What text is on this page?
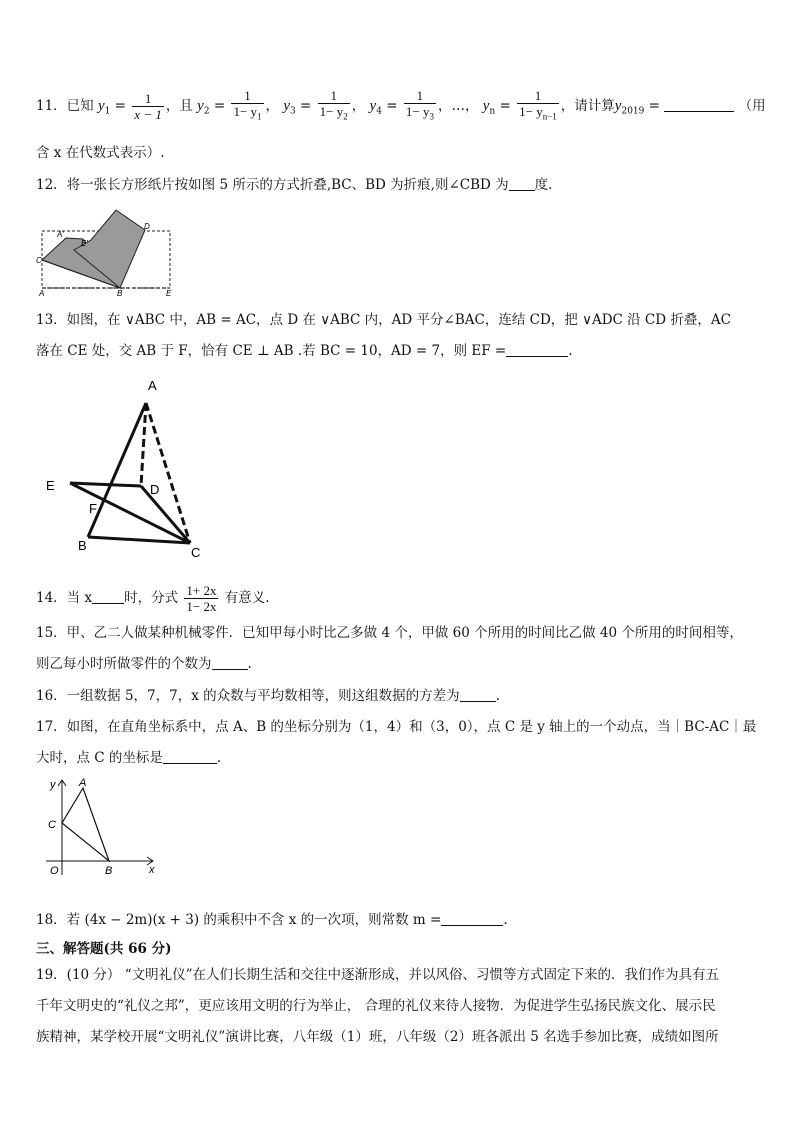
11．已知 $y_1 = \frac{1}{x - 1}$ ，且 $y_2 = \frac{1}{1- y_1}$ ， $y_3 = \frac{1}{1- y_2}$ ， $y_4 = \frac{1}{1- y_3}$ ，…， $y_n = \frac{1}{1- y_{n-1}}$ ，请计算$y_{2019}$ =	（用
含 x 在代数式表示）.
12．将一张长方形纸片按如图 5 所示的方式折叠,BC、BD 为折痕,则∠CBD 为 度.
A'
D
E'
C
A	B	E
13．如图，在 ∨ABC 中，AB = AC，点 D 在 ∨ABC 内，AD 平分∠BAC，连结 CD，把 ∨ADC 沿 CD 折叠，AC
落在 CE 处，交 AB 于 F，恰有 CE ⊥ AB .若 BC = 10，AD = 7，则 EF =	.
A
E	D
F
B	C
14．当 x 时，分式 $\frac{1+ 2x}{1- 2x}$ 有意义.
15．甲、乙二人做某种机械零件．已知甲每小时比乙多做 4 个，甲做 60 个所用的时间比乙做 40 个所用的时间相等，
则乙每小时所做零件的个数为	.
16．一组数据 5，7，7，x 的众数与平均数相等，则这组数据的方差为	.
17．如图，在直角坐标系中，点 A、B 的坐标分别为（1，4）和（3，0），点 C 是 y 轴上的一个动点，当｜BC-AC｜最
大时，点 C 的坐标是	.
y A
C
O	B	x
18．若 (4x − 2m)(x + 3) 的乘积中不含 x 的一次项，则常数 m =	.
三、解答题(共 66 分)
19．(10 分） “文明礼仪”在人们长期生活和交往中逐渐形成，并以风俗、习惯等方式固定下来的．我们作为具有五
千年文明史的“礼仪之邦”，更应该用文明的行为举止， 合理的礼仪来待人接物．为促进学生弘扬民族文化、展示民
族精神，某学校开展“文明礼仪”演讲比赛，八年级（1）班，八年级（2）班各派出 5 名选手参加比赛，成绩如图所
